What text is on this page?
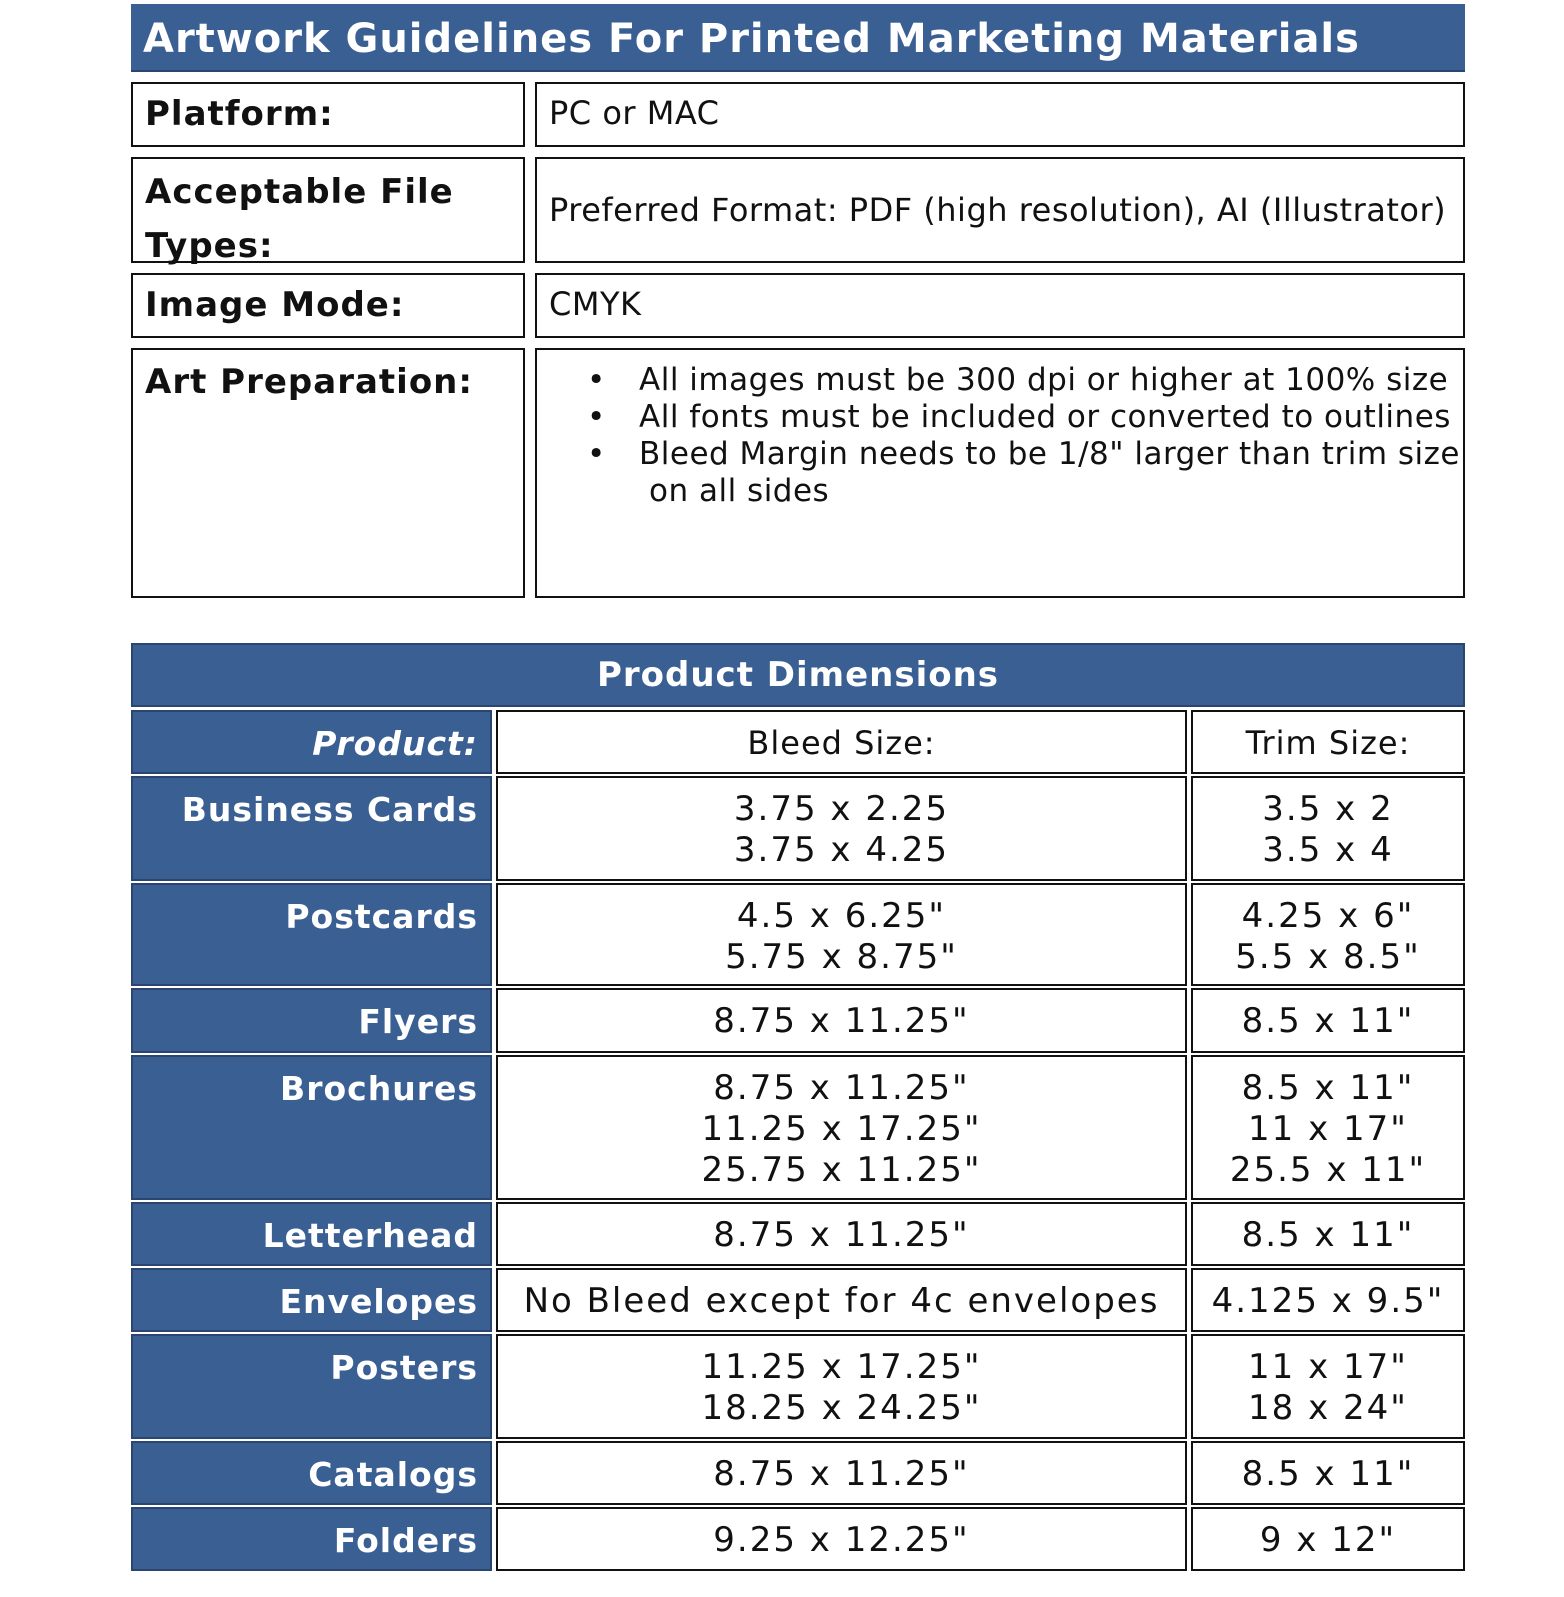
Artwork Guidelines For Printed Marketing Materials
Platform:	PC or MAC
Acceptable File
Types:
Preferred Format: PDF (high resolution), AI (Illustrator)
Image Mode:	CMYK
Art Preparation:
•	All images must be 300 dpi or higher at 100% size
• All fonts must be included or converted to outlines
• Bleed Margin needs to be 1/8" larger than trim size
on all sides
Product Dimensions
Product:	Bleed Size:	Trim Size:
Business Cards	3.75 x 2.25
3.75 x 4.25
3.5 x 2
3.5 x 4
Postcards	4.5 x 6.25"
5.75 x 8.75"
4.25 x 6"
5.5 x 8.5"
Flyers	8.75 x 11.25"	8.5 x 11"
Brochures	8.75 x 11.25"
11.25 x 17.25"
25.75 x 11.25"
8.5 x 11"
11 x 17"
25.5 x 11"
Letterhead	8.75 x 11.25"	8.5 x 11"
Envelopes	No Bleed except for 4c envelopes	4.125 x 9.5"
Posters	11.25 x 17.25"
18.25 x 24.25"
11 x 17"
18 x 24"
Catalogs	8.75 x 11.25"	8.5 x 11"
Folders	9.25 x 12.25"	9 x 12"
